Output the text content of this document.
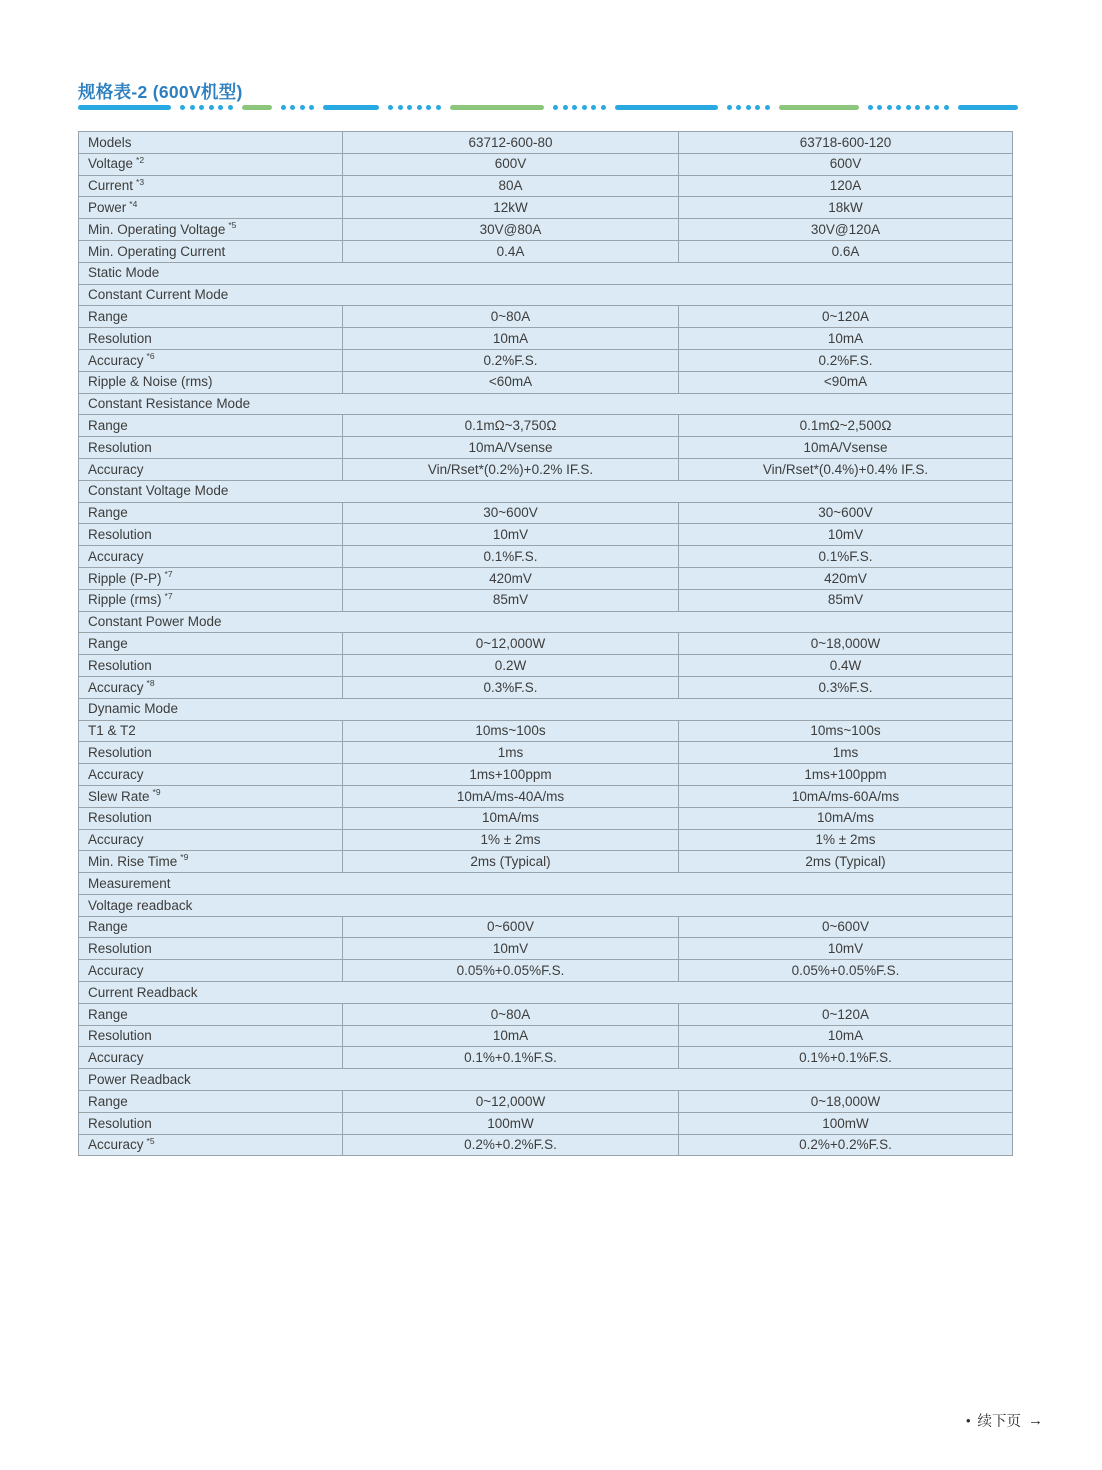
规格表-2 (600V机型)
Models	63712-600-80	63718-600-120
Voltage $^{*2}$	600V	600V
Current $^{*3}$	80A	120A
Power $^{*4}$	12kW	18kW
Min. Operating Voltage $^{*5}$	30V@80A	30V@120A
Min. Operating Current	0.4A	0.6A
Static Mode		
Constant Current Mode		
Range	0~80A	0~120A
Resolution	10mA	10mA
Accuracy $^{*6}$	0.2%F.S.	0.2%F.S.
Ripple & Noise (rms)	<60mA	<90mA
Constant Resistance Mode		
Range	0.1mΩ~3,750Ω	0.1mΩ~2,500Ω
Resolution	10mA/Vsense	10mA/Vsense
Accuracy	Vin/Rset*(0.2%)+0.2% IF.S.	Vin/Rset*(0.4%)+0.4% IF.S.
Constant Voltage Mode		
Range	30~600V	30~600V
Resolution	10mV	10mV
Accuracy	0.1%F.S.	0.1%F.S.
Ripple (P-P) $^{*7}$	420mV	420mV
Ripple (rms) $^{*7}$	85mV	85mV
Constant Power Mode		
Range	0~12,000W	0~18,000W
Resolution	0.2W	0.4W
Accuracy $^{*8}$	0.3%F.S.	0.3%F.S.
Dynamic Mode		
T1 & T2	10ms~100s	10ms~100s
Resolution	1ms	1ms
Accuracy	1ms+100ppm	1ms+100ppm
Slew Rate $^{*9}$	10mA/ms-40A/ms	10mA/ms-60A/ms
Resolution	10mA/ms	10mA/ms
Accuracy	1% ± 2ms	1% ± 2ms
Min. Rise Time $^{*9}$	2ms (Typical)	2ms (Typical)
Measurement		
Voltage readback		
Range	0~600V	0~600V
Resolution	10mV	10mV
Accuracy	0.05%+0.05%F.S.	0.05%+0.05%F.S.
Current Readback		
Range	0~80A	0~120A
Resolution	10mA	10mA
Accuracy	0.1%+0.1%F.S.	0.1%+0.1%F.S.
Power Readback		
Range	0~12,000W	0~18,000W
Resolution	100mW	100mW
Accuracy $^{*5}$	0.2%+0.2%F.S.	0.2%+0.2%F.S.
• 续下页 →
